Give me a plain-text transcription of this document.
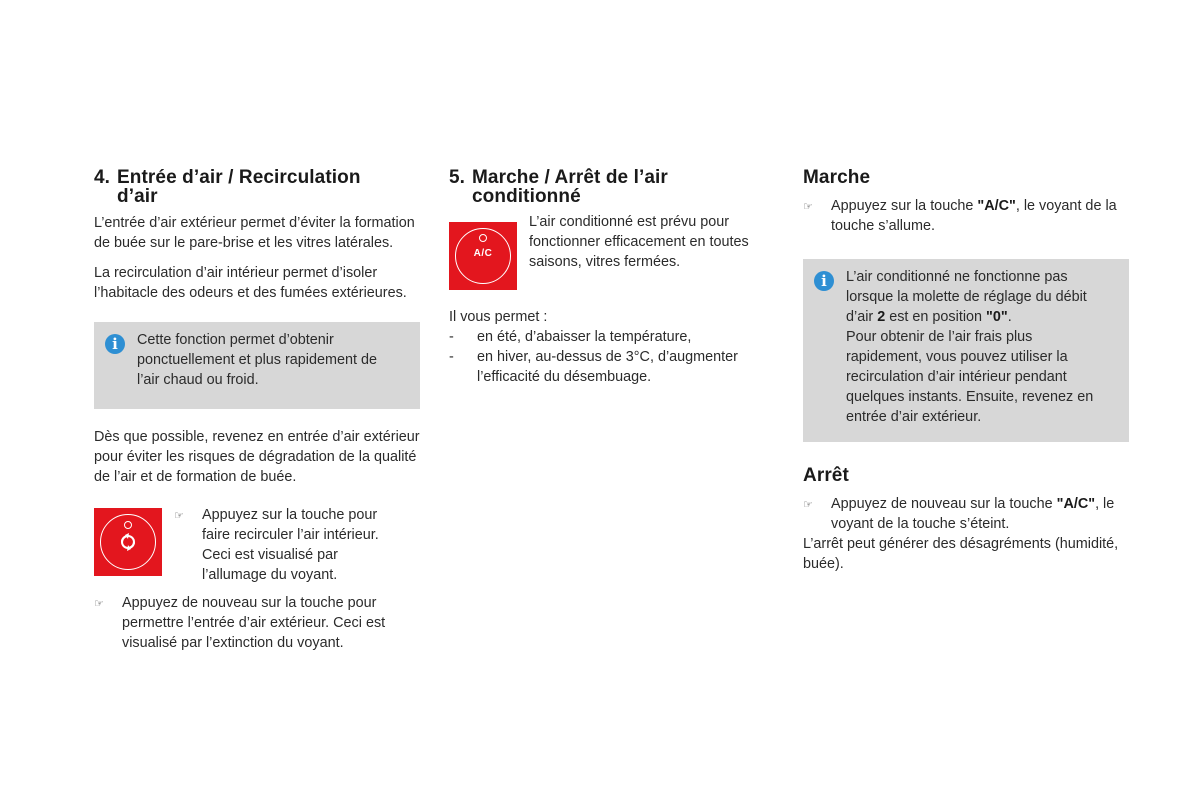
4. Entrée d’air / Recirculation
d’air

L’entrée d’air extérieur permet d’éviter la formation de buée sur le pare-brise et les vitres latérales.

La recirculation d’air intérieur permet d’isoler l’habitacle des odeurs et des fumées extérieures.

i	Cette fonction permet d’obtenir ponctuellement et plus rapidement de l’air chaud ou froid.

Dès que possible, revenez en entrée d’air extérieur pour éviter les risques de dégradation de la qualité de l’air et de formation de buée.

☞	Appuyez sur la touche pour faire recirculer l’air intérieur. Ceci est visualisé par l’allumage du voyant.

☞	Appuyez de nouveau sur la touche pour permettre l’entrée d’air extérieur. Ceci est visualisé par l’extinction du voyant.

5. Marche / Arrêt de l’air
conditionné
A/C

L’air conditionné est prévu pour fonctionner efficacement en toutes saisons, vitres fermées.

Il vous permet :

-	en été, d’abaisser la température,
-	en hiver, au-dessus de 3°C, d’augmenter l’efficacité du désembuage.
Marche
☞	Appuyez sur la touche "A/C", le voyant de la touche s’allume.

i	L’air conditionné ne fonctionne pas lorsque la molette de réglage du débit d’air 2 est en position "0".

Pour obtenir de l’air frais plus rapidement, vous pouvez utiliser la recirculation d’air intérieur pendant quelques instants. Ensuite, revenez en entrée d’air extérieur.

Arrêt
☞	Appuyez de nouveau sur la touche "A/C", le voyant de la touche s’éteint.

L’arrêt peut générer des désagréments (humidité, buée).
